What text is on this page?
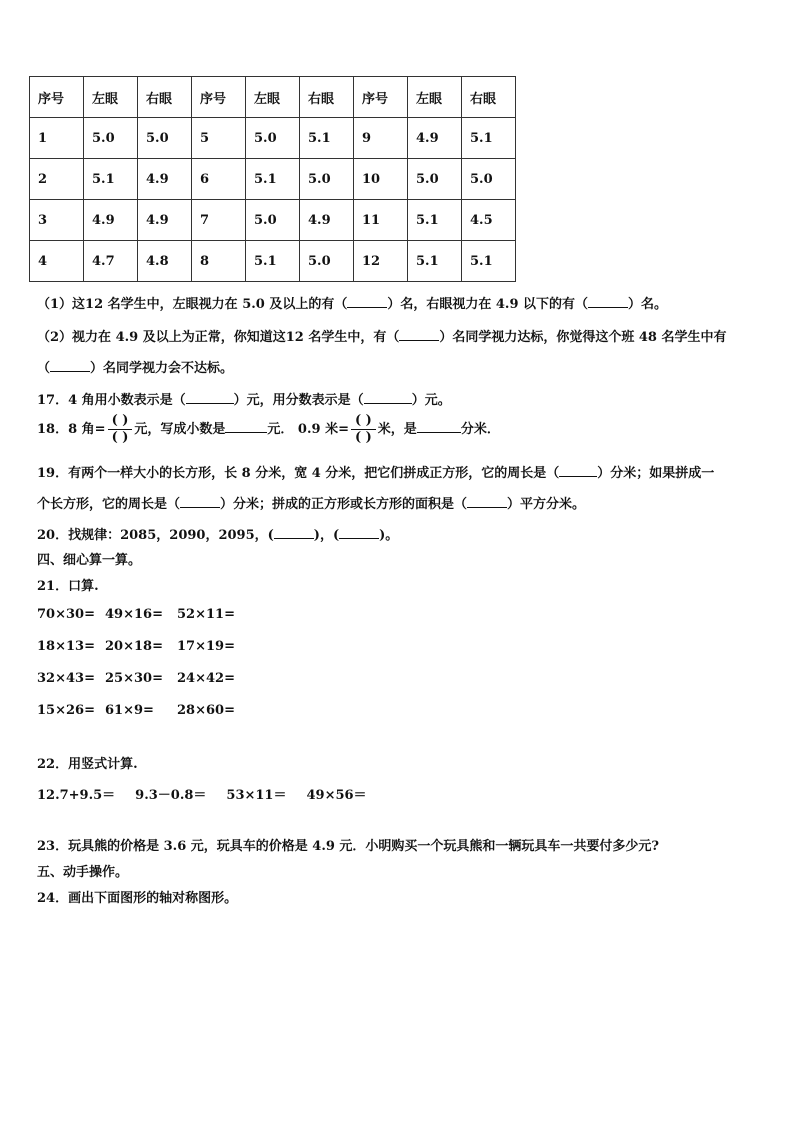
序号	左眼	右眼	序号	左眼	右眼	序号	左眼	右眼
1	5.0	5.0	5	5.0	5.1	9	4.9	5.1
2	5.1	4.9	6	5.1	5.0	10	5.0	5.0
3	4.9	4.9	7	5.0	4.9	11	5.1	4.5
4	4.7	4.8	8	5.1	5.0	12	5.1	5.1
（1）这12 名学生中，左眼视力在 5.0 及以上的有（	）名，右眼视力在 4.9 以下的有（	）名。
（2）视力在 4.9 及以上为正常，你知道这12 名学生中，有（	）名同学视力达标，你觉得这个班 48 名学生中有
（	）名同学视力会不达标。
17．4 角用小数表示是（	）元，用分数表示是（	）元。
18．8 角= $\frac{( )}{( )}$ 元，写成小数是	元． 0.9 米= $\frac{( )}{( )}$ 米，是	分米．
19．有两个一样大小的长方形，长 8 分米，宽 4 分米，把它们拼成正方形，它的周长是（	）分米；如果拼成一
个长方形，它的周长是（	）分米；拼成的正方形或长方形的面积是（	）平方分米。
20．找规律：2085，2090，2095，(	)，(	)。
四、细心算一算。
21．口算.
70×30= 49×16= 52×11=
18×13= 20×18= 17×19=
32×43= 25×30= 24×42=
15×26= 61×9= 28×60=
22．用竖式计算.
12.7+9.5＝ 9.3－0.8＝ 53×11＝ 49×56＝
23．玩具熊的价格是 3.6 元，玩具车的价格是 4.9 元．小明购买一个玩具熊和一辆玩具车一共要付多少元?
五、动手操作。
24．画出下面图形的轴对称图形。
